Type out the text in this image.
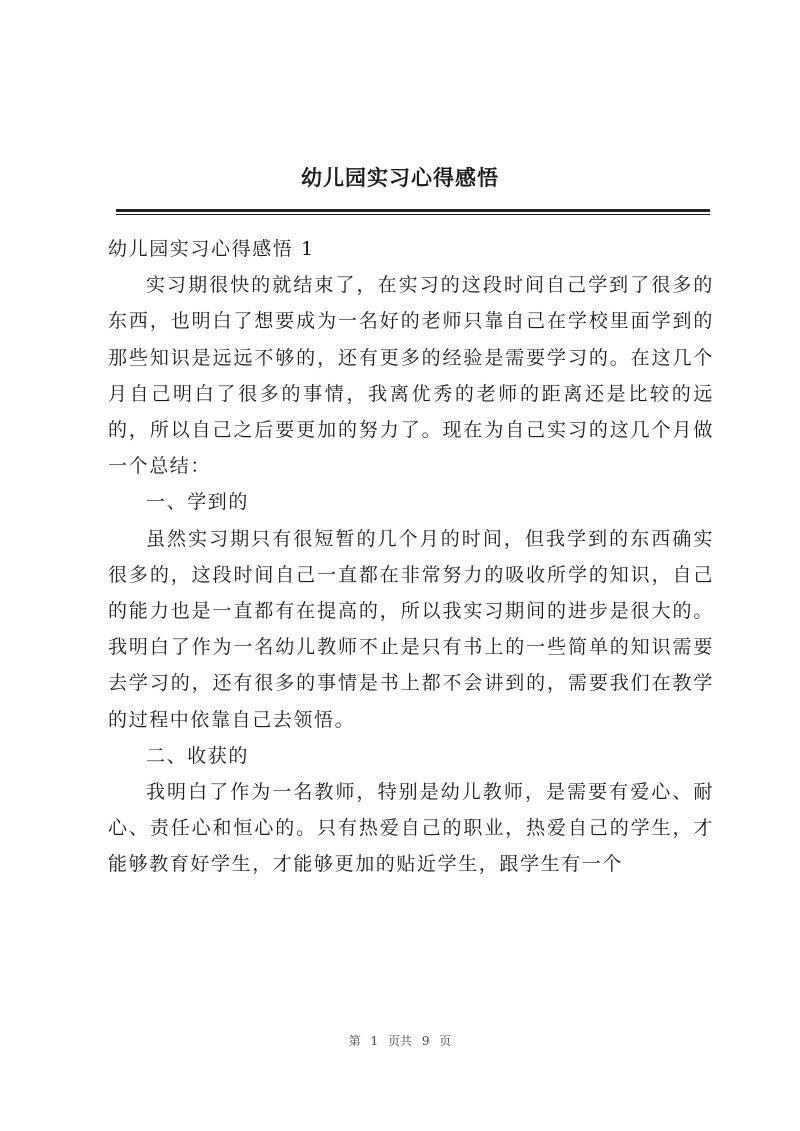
幼儿园实习心得感悟

幼儿园实习心得感悟 1

实习期很快的就结束了，在实习的这段时间自己学到了很多的东西，也明白了想要成为一名好的老师只靠自己在学校里面学到的那些知识是远远不够的，还有更多的经验是需要学习的。在这几个月自己明白了很多的事情，我离优秀的老师的距离还是比较的远的，所以自己之后要更加的努力了。现在为自己实习的这几个月做一个总结：

一、学到的

虽然实习期只有很短暂的几个月的时间，但我学到的东西确实很多的，这段时间自己一直都在非常努力的吸收所学的知识，自己的能力也是一直都有在提高的，所以我实习期间的进步是很大的。我明白了作为一名幼儿教师不止是只有书上的一些简单的知识需要去学习的，还有很多的事情是书上都不会讲到的，需要我们在教学的过程中依靠自己去领悟。

二、收获的

我明白了作为一名教师，特别是幼儿教师，是需要有爱心、耐心、责任心和恒心的。只有热爱自己的职业，热爱自己的学生，才能够教育好学生，才能够更加的贴近学生，跟学生有一个

第 1 页共 9 页
